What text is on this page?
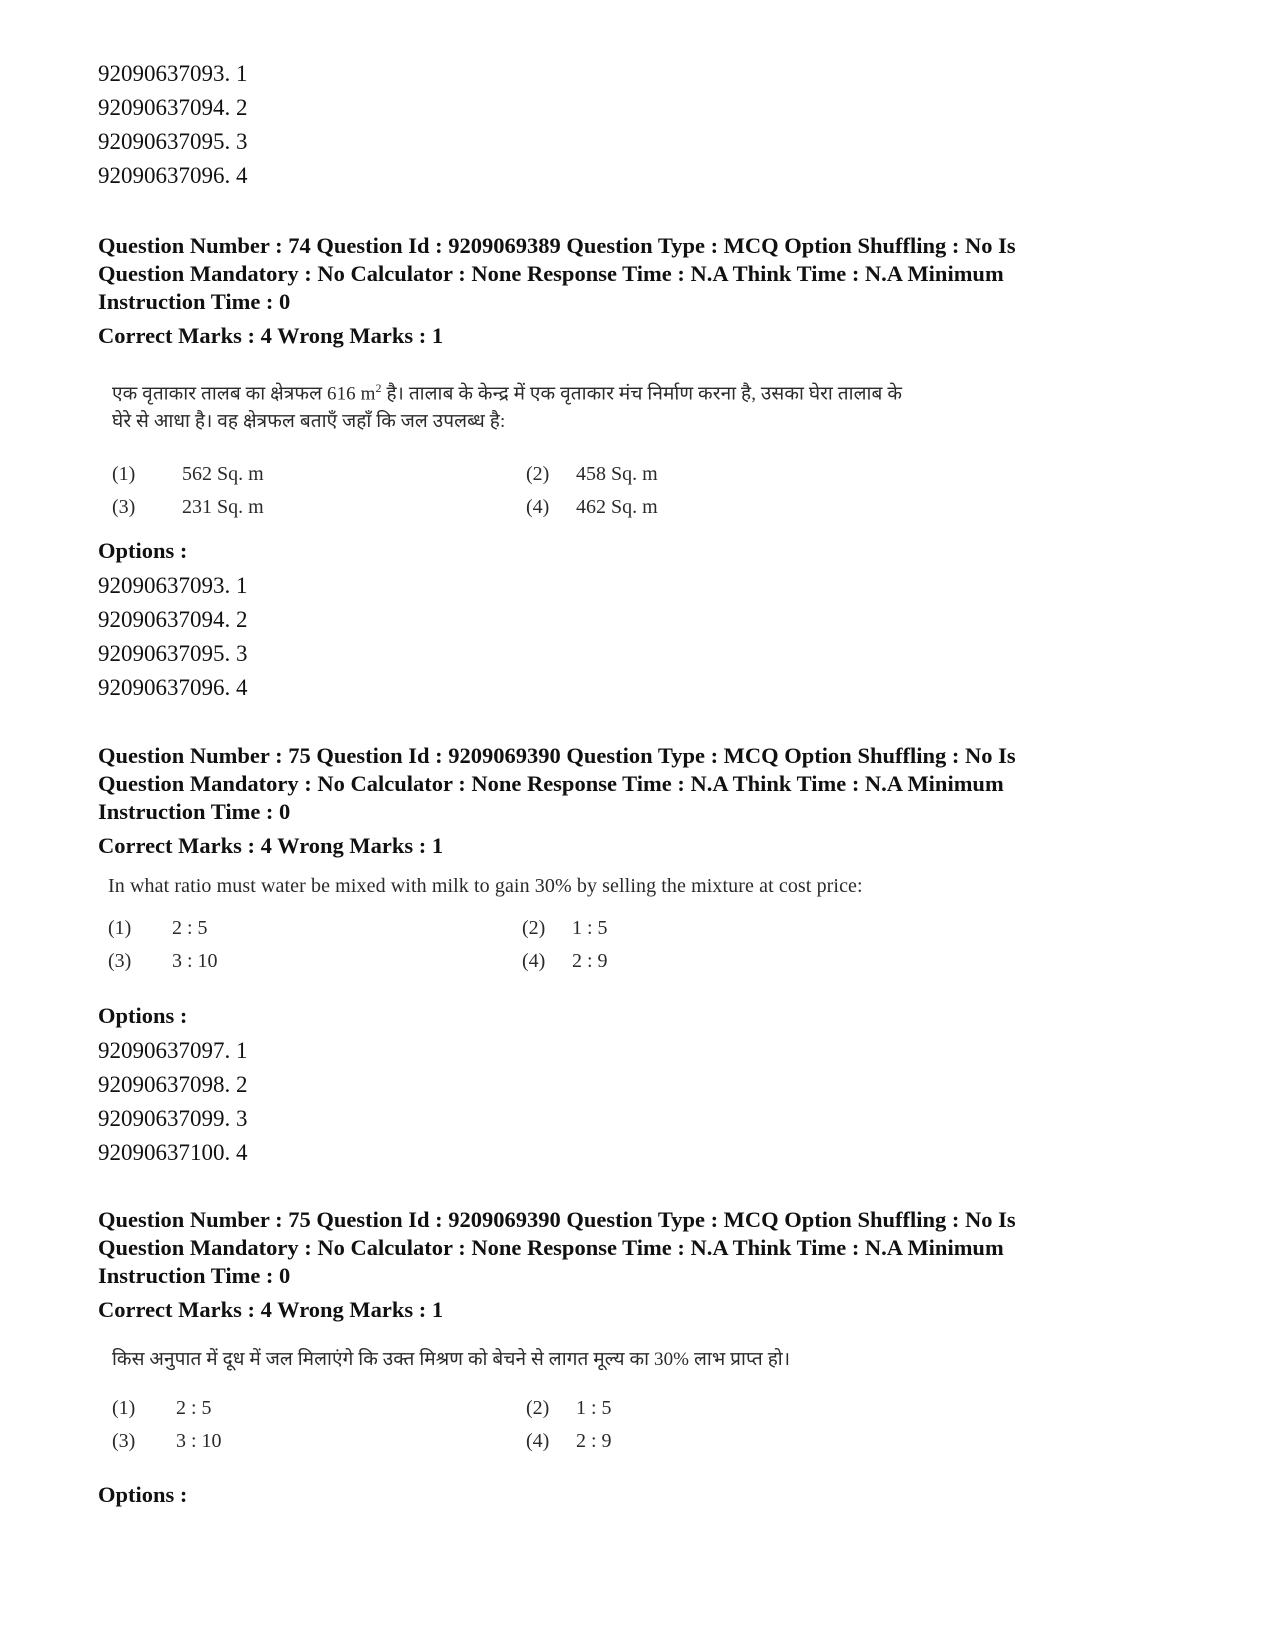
92090637093. 1
92090637094. 2
92090637095. 3
92090637096. 4
Question Number : 74 Question Id : 9209069389 Question Type : MCQ Option Shuffling : No Is
Question Mandatory : No Calculator : None Response Time : N.A Think Time : N.A Minimum
Instruction Time : 0
Correct Marks : 4 Wrong Marks : 1
एक वृताकार तालब का क्षेत्रफल 616 $m^2$ है। तालाब के केन्द्र में एक वृताकार मंच निर्माण करना है, उसका घेरा तालाब के
घेरे से आधा है। वह क्षेत्रफल बताएँ जहाँ कि जल उपलब्ध है:
(1) 562 Sq. m	(2) 458 Sq. m
(3) 231 Sq. m	(4) 462 Sq. m
Options :
92090637093. 1
92090637094. 2
92090637095. 3
92090637096. 4
Question Number : 75 Question Id : 9209069390 Question Type : MCQ Option Shuffling : No Is
Question Mandatory : No Calculator : None Response Time : N.A Think Time : N.A Minimum
Instruction Time : 0
Correct Marks : 4 Wrong Marks : 1
In what ratio must water be mixed with milk to gain 30% by selling the mixture at cost price:
(1) 2 : 5	(2) 1 : 5
(3) 3 : 10	(4) 2 : 9
Options :
92090637097. 1
92090637098. 2
92090637099. 3
92090637100. 4
Question Number : 75 Question Id : 9209069390 Question Type : MCQ Option Shuffling : No Is
Question Mandatory : No Calculator : None Response Time : N.A Think Time : N.A Minimum
Instruction Time : 0
Correct Marks : 4 Wrong Marks : 1
किस अनुपात में दूध में जल मिलाएंगे कि उक्त मिश्रण को बेचने से लागत मूल्य का 30% लाभ प्राप्त हो।
(1) 2 : 5	(2) 1 : 5
(3) 3 : 10	(4) 2 : 9
Options :
